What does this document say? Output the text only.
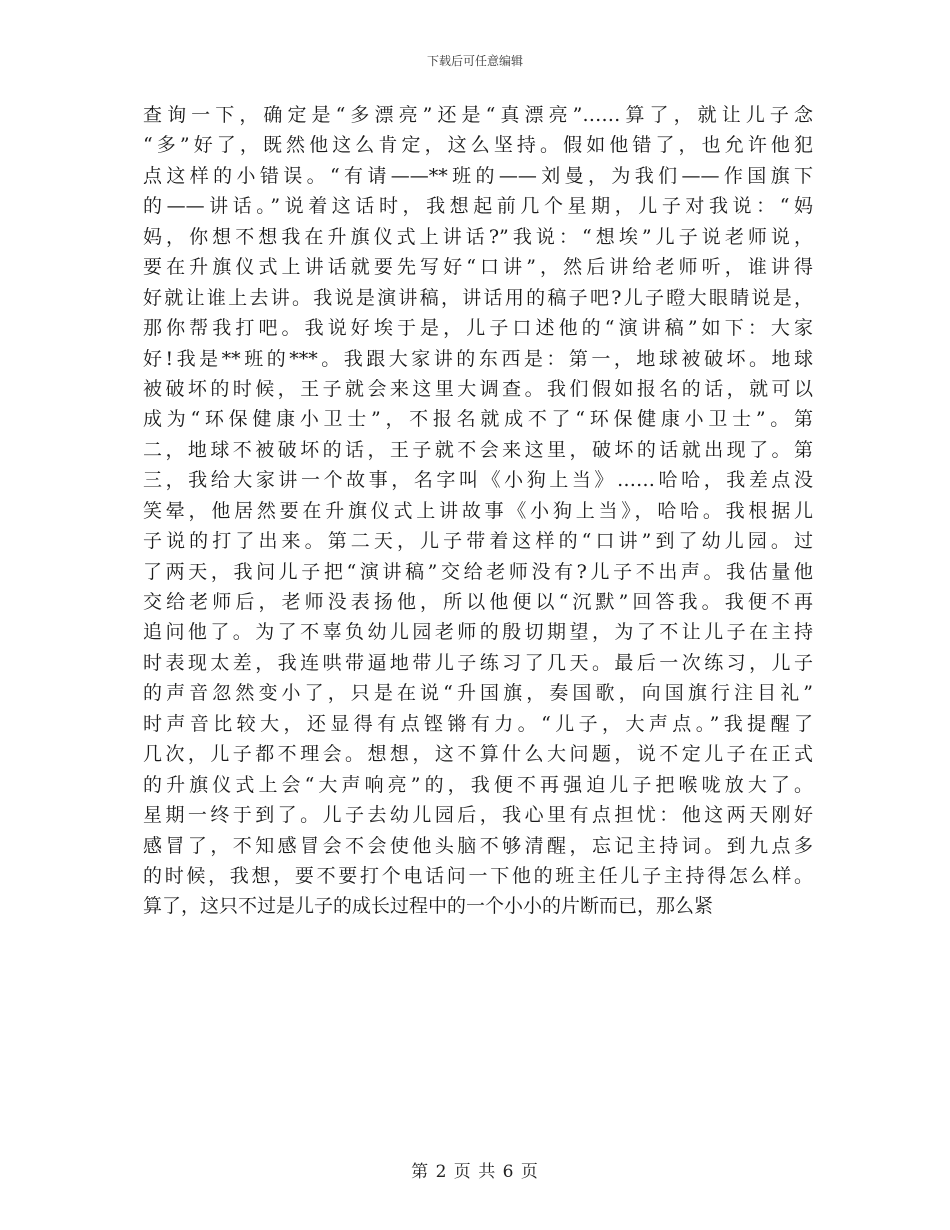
下载后可任意编辑
查询一下，确定是“多漂亮”还是“真漂亮”……算了，就让儿子念
“多”好了，既然他这么肯定，这么坚持。假如他错了，也允许他犯
点这样的小错误。“有请——**班的——刘曼，为我们——作国旗下
的——讲话。”说着这话时，我想起前几个星期，儿子对我说：“妈
妈，你想不想我在升旗仪式上讲话?”我说：“想埃”儿子说老师说，
要在升旗仪式上讲话就要先写好“口讲”，然后讲给老师听，谁讲得
好就让谁上去讲。我说是演讲稿，讲话用的稿子吧?儿子瞪大眼睛说是，
那你帮我打吧。我说好埃于是，儿子口述他的“演讲稿”如下：大家
好!我是**班的***。我跟大家讲的东西是：第一，地球被破坏。地球
被破坏的时候，王子就会来这里大调查。我们假如报名的话，就可以
成为“环保健康小卫士”，不报名就成不了“环保健康小卫士”。第
二，地球不被破坏的话，王子就不会来这里，破坏的话就出现了。第
三，我给大家讲一个故事，名字叫《小狗上当》……哈哈，我差点没
笑晕，他居然要在升旗仪式上讲故事《小狗上当》，哈哈。我根据儿
子说的打了出来。第二天，儿子带着这样的“口讲”到了幼儿园。过
了两天，我问儿子把“演讲稿”交给老师没有?儿子不出声。我估量他
交给老师后，老师没表扬他，所以他便以“沉默”回答我。我便不再
追问他了。为了不辜负幼儿园老师的殷切期望，为了不让儿子在主持
时表现太差，我连哄带逼地带儿子练习了几天。最后一次练习，儿子
的声音忽然变小了，只是在说“升国旗，奏国歌，向国旗行注目礼”
时声音比较大，还显得有点铿锵有力。“儿子，大声点。”我提醒了
几次，儿子都不理会。想想，这不算什么大问题，说不定儿子在正式
的升旗仪式上会“大声响亮”的，我便不再强迫儿子把喉咙放大了。
星期一终于到了。儿子去幼儿园后，我心里有点担忧：他这两天刚好
感冒了，不知感冒会不会使他头脑不够清醒，忘记主持词。到九点多
的时候，我想，要不要打个电话问一下他的班主任儿子主持得怎么样。
算了，这只不过是儿子的成长过程中的一个小小的片断而已，那么紧
第 2 页 共 6 页
